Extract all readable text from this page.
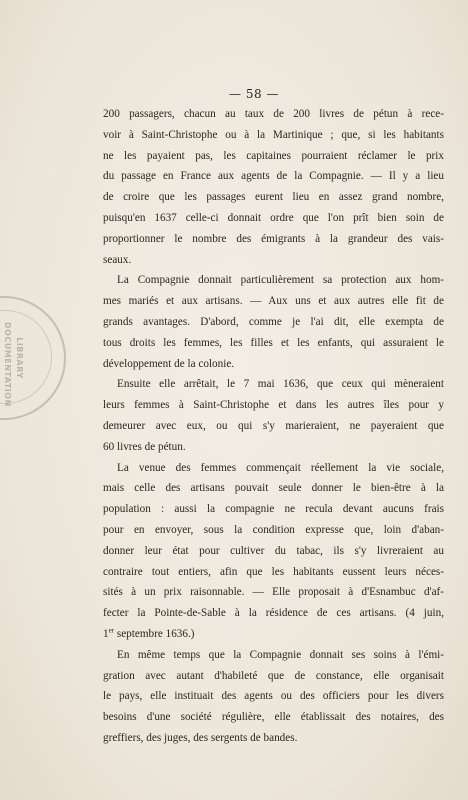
LIBRARY
DOCUMENTATION
— 58 —
200 passagers, chacun au taux de 200 livres de pétun à rece-
voir à Saint-Christophe ou à la Martinique ; que, si les habitants
ne les payaient pas, les capitaines pourraient réclamer le prix
du passage en France aux agents de la Compagnie. — Il y a lieu
de croire que les passages eurent lieu en assez grand nombre,
puisqu'en 1637 celle-ci donnait ordre que l'on prît bien soin de
proportionner le nombre des émigrants à la grandeur des vais-
seaux.
La Compagnie donnait particulièrement sa protection aux hom-
mes mariés et aux artisans. — Aux uns et aux autres elle fit de
grands avantages. D'abord, comme je l'ai dit, elle exempta de
tous droits les femmes, les filles et les enfants, qui assuraient le
développement de la colonie.
Ensuite elle arrêtait, le 7 mai 1636, que ceux qui mèneraient
leurs femmes à Saint-Christophe et dans les autres îles pour y
demeurer avec eux, ou qui s'y marieraient, ne payeraient que
60 livres de pétun.
La venue des femmes commençait réellement la vie sociale,
mais celle des artisans pouvait seule donner le bien-être à la
population : aussi la compagnie ne recula devant aucuns frais
pour en envoyer, sous la condition expresse que, loin d'aban-
donner leur état pour cultiver du tabac, ils s'y livreraient au
contraire tout entiers, afin que les habitants eussent leurs néces-
sités à un prix raisonnable. — Elle proposait à d'Esnambuc d'af-
fecter la Pointe-de-Sable à la résidence de ces artisans. (4 juin,
1er septembre 1636.)
En même temps que la Compagnie donnait ses soins à l'émi-
gration avec autant d'habileté que de constance, elle organisait
le pays, elle instituait des agents ou des officiers pour les divers
besoins d'une société régulière, elle établissait des notaires, des
greffiers, des juges, des sergents de bandes.
